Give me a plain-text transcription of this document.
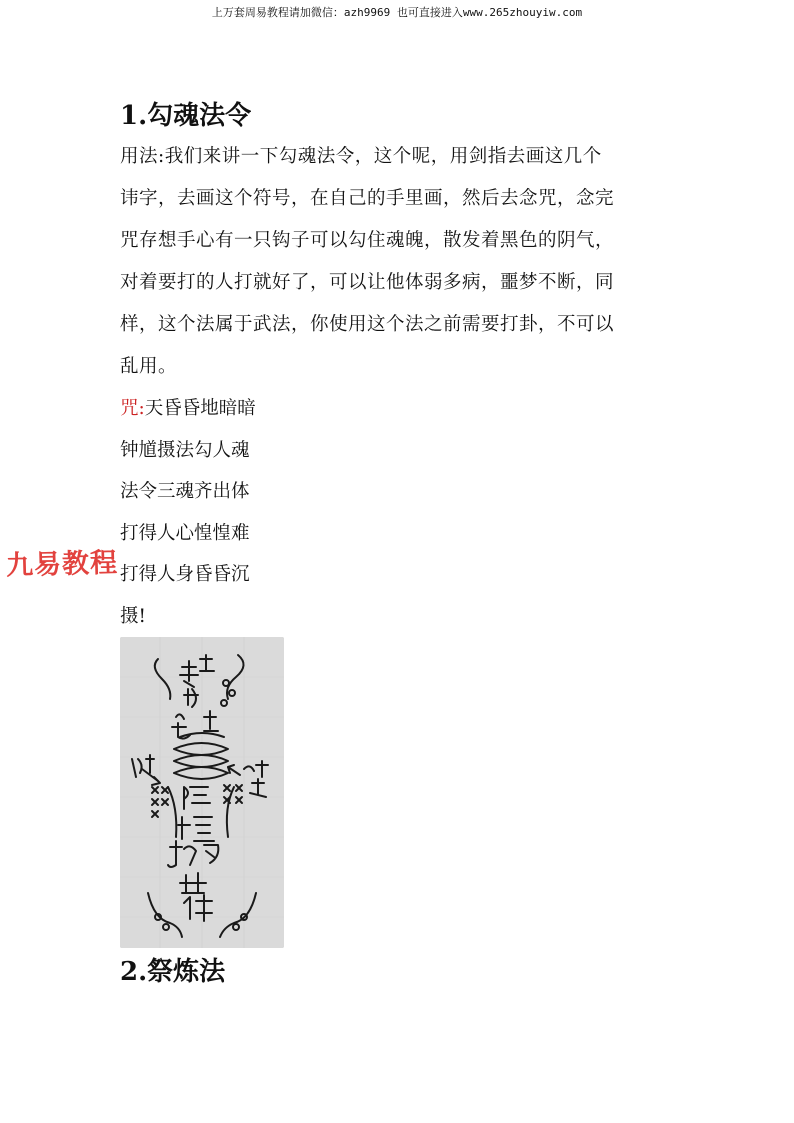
上万套周易教程请加微信：azh9969 也可直接进入www.265zhouyiw.com
1.勾魂法令

用法:我们来讲一下勾魂法令，这个呢，用剑指去画这几个

讳字，去画这个符号，在自己的手里画，然后去念咒，念完

咒存想手心有一只钩子可以勾住魂魄，散发着黑色的阴气，

对着要打的人打就好了，可以让他体弱多病，噩梦不断，同

样，这个法属于武法，你使用这个法之前需要打卦，不可以

乱用。

咒:天昏昏地暗暗

钟馗摄法勾人魂

法令三魂齐出体

打得人心惶惶难

打得人身昏昏沉

摄!

九易教程
2.祭炼法
